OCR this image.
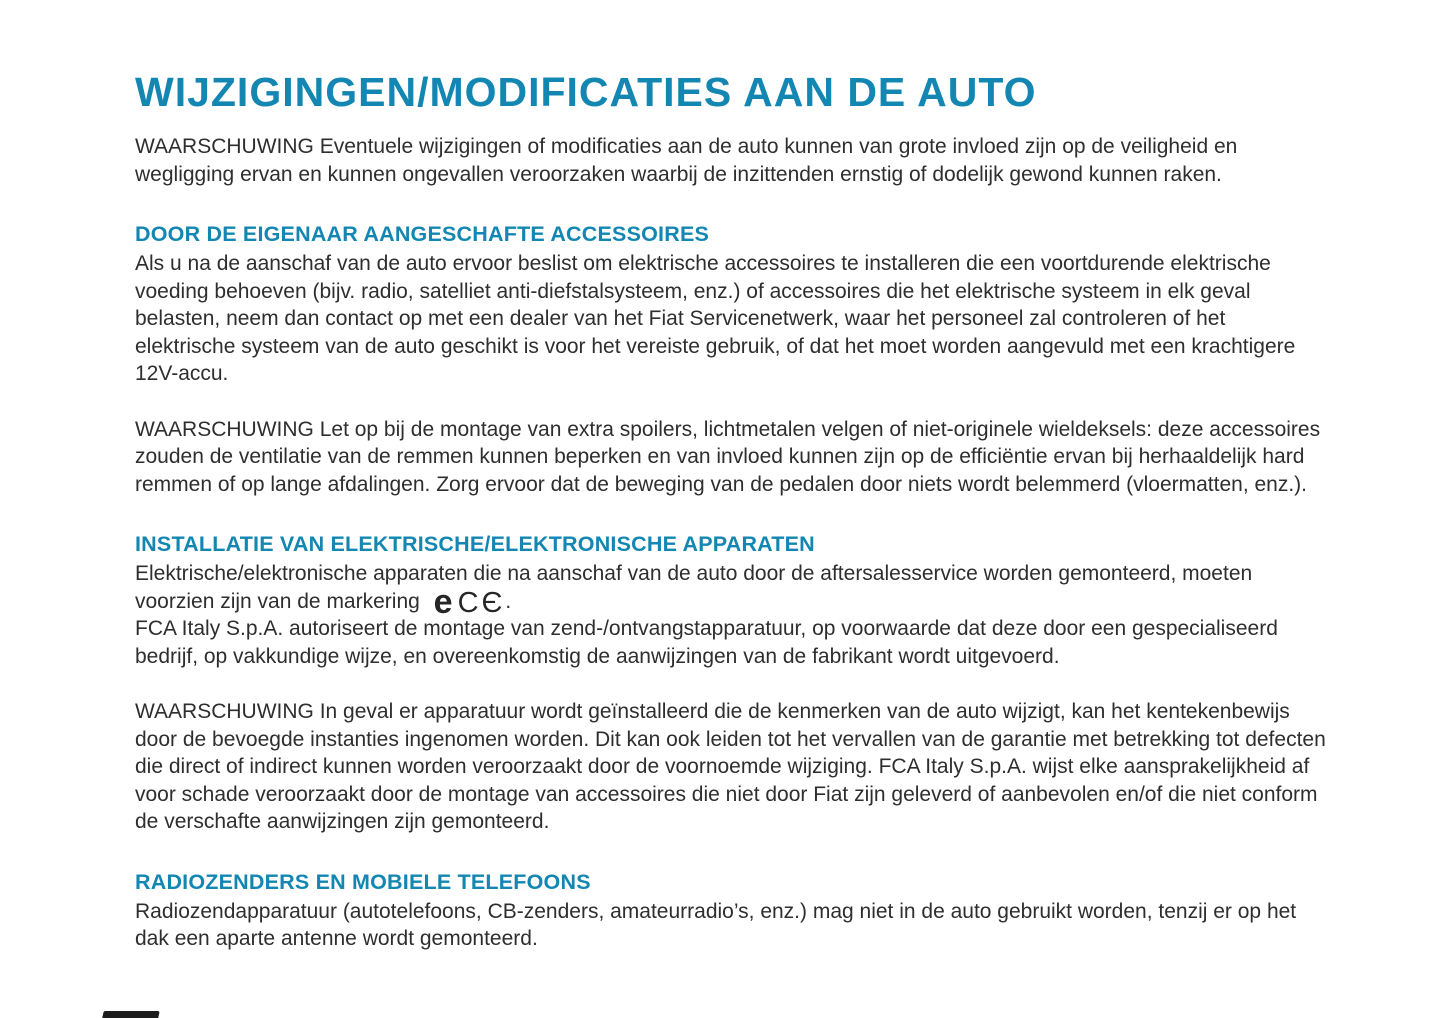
WIJZIGINGEN/MODIFICATIES AAN DE AUTO

WAARSCHUWING Eventuele wijzigingen of modificaties aan de auto kunnen van grote invloed zijn op de veiligheid en wegligging ervan en kunnen ongevallen veroorzaken waarbij de inzittenden ernstig of dodelijk gewond kunnen raken.

DOOR DE EIGENAAR AANGESCHAFTE ACCESSOIRES

Als u na de aanschaf van de auto ervoor beslist om elektrische accessoires te installeren die een voortdurende elektrische voeding behoeven (bijv. radio, satelliet anti-diefstalsysteem, enz.) of accessoires die het elektrische systeem in elk geval belasten, neem dan contact op met een dealer van het Fiat Servicenetwerk, waar het personeel zal controleren of het elektrische systeem van de auto geschikt is voor het vereiste gebruik, of dat het moet worden aangevuld met een krachtigere 12V-accu.

WAARSCHUWING Let op bij de montage van extra spoilers, lichtmetalen velgen of niet-originele wieldeksels: deze accessoires zouden de ventilatie van de remmen kunnen beperken en van invloed kunnen zijn op de efficiëntie ervan bij herhaaldelijk hard remmen of op lange afdalingen. Zorg ervoor dat de beweging van de pedalen door niets wordt belemmerd (vloermatten, enz.).

INSTALLATIE VAN ELEKTRISCHE/ELEKTRONISCHE APPARATEN

Elektrische/elektronische apparaten die na aanschaf van de auto door de aftersalesservice worden gemonteerd, moeten voorzien zijn van de markering e CЄ.

FCA Italy S.p.A. autoriseert de montage van zend-/ontvangstapparatuur, op voorwaarde dat deze door een gespecialiseerd bedrijf, op vakkundige wijze, en overeenkomstig de aanwijzingen van de fabrikant wordt uitgevoerd.

WAARSCHUWING In geval er apparatuur wordt geïnstalleerd die de kenmerken van de auto wijzigt, kan het kentekenbewijs door de bevoegde instanties ingenomen worden. Dit kan ook leiden tot het vervallen van de garantie met betrekking tot defecten die direct of indirect kunnen worden veroorzaakt door de voornoemde wijziging. FCA Italy S.p.A. wijst elke aansprakelijkheid af voor schade veroorzaakt door de montage van accessoires die niet door Fiat zijn geleverd of aanbevolen en/of die niet conform de verschafte aanwijzingen zijn gemonteerd.

RADIOZENDERS EN MOBIELE TELEFOONS

Radiozendapparatuur (autotelefoons, CB-zenders, amateurradio’s, enz.) mag niet in de auto gebruikt worden, tenzij er op het dak een aparte antenne wordt gemonteerd.
